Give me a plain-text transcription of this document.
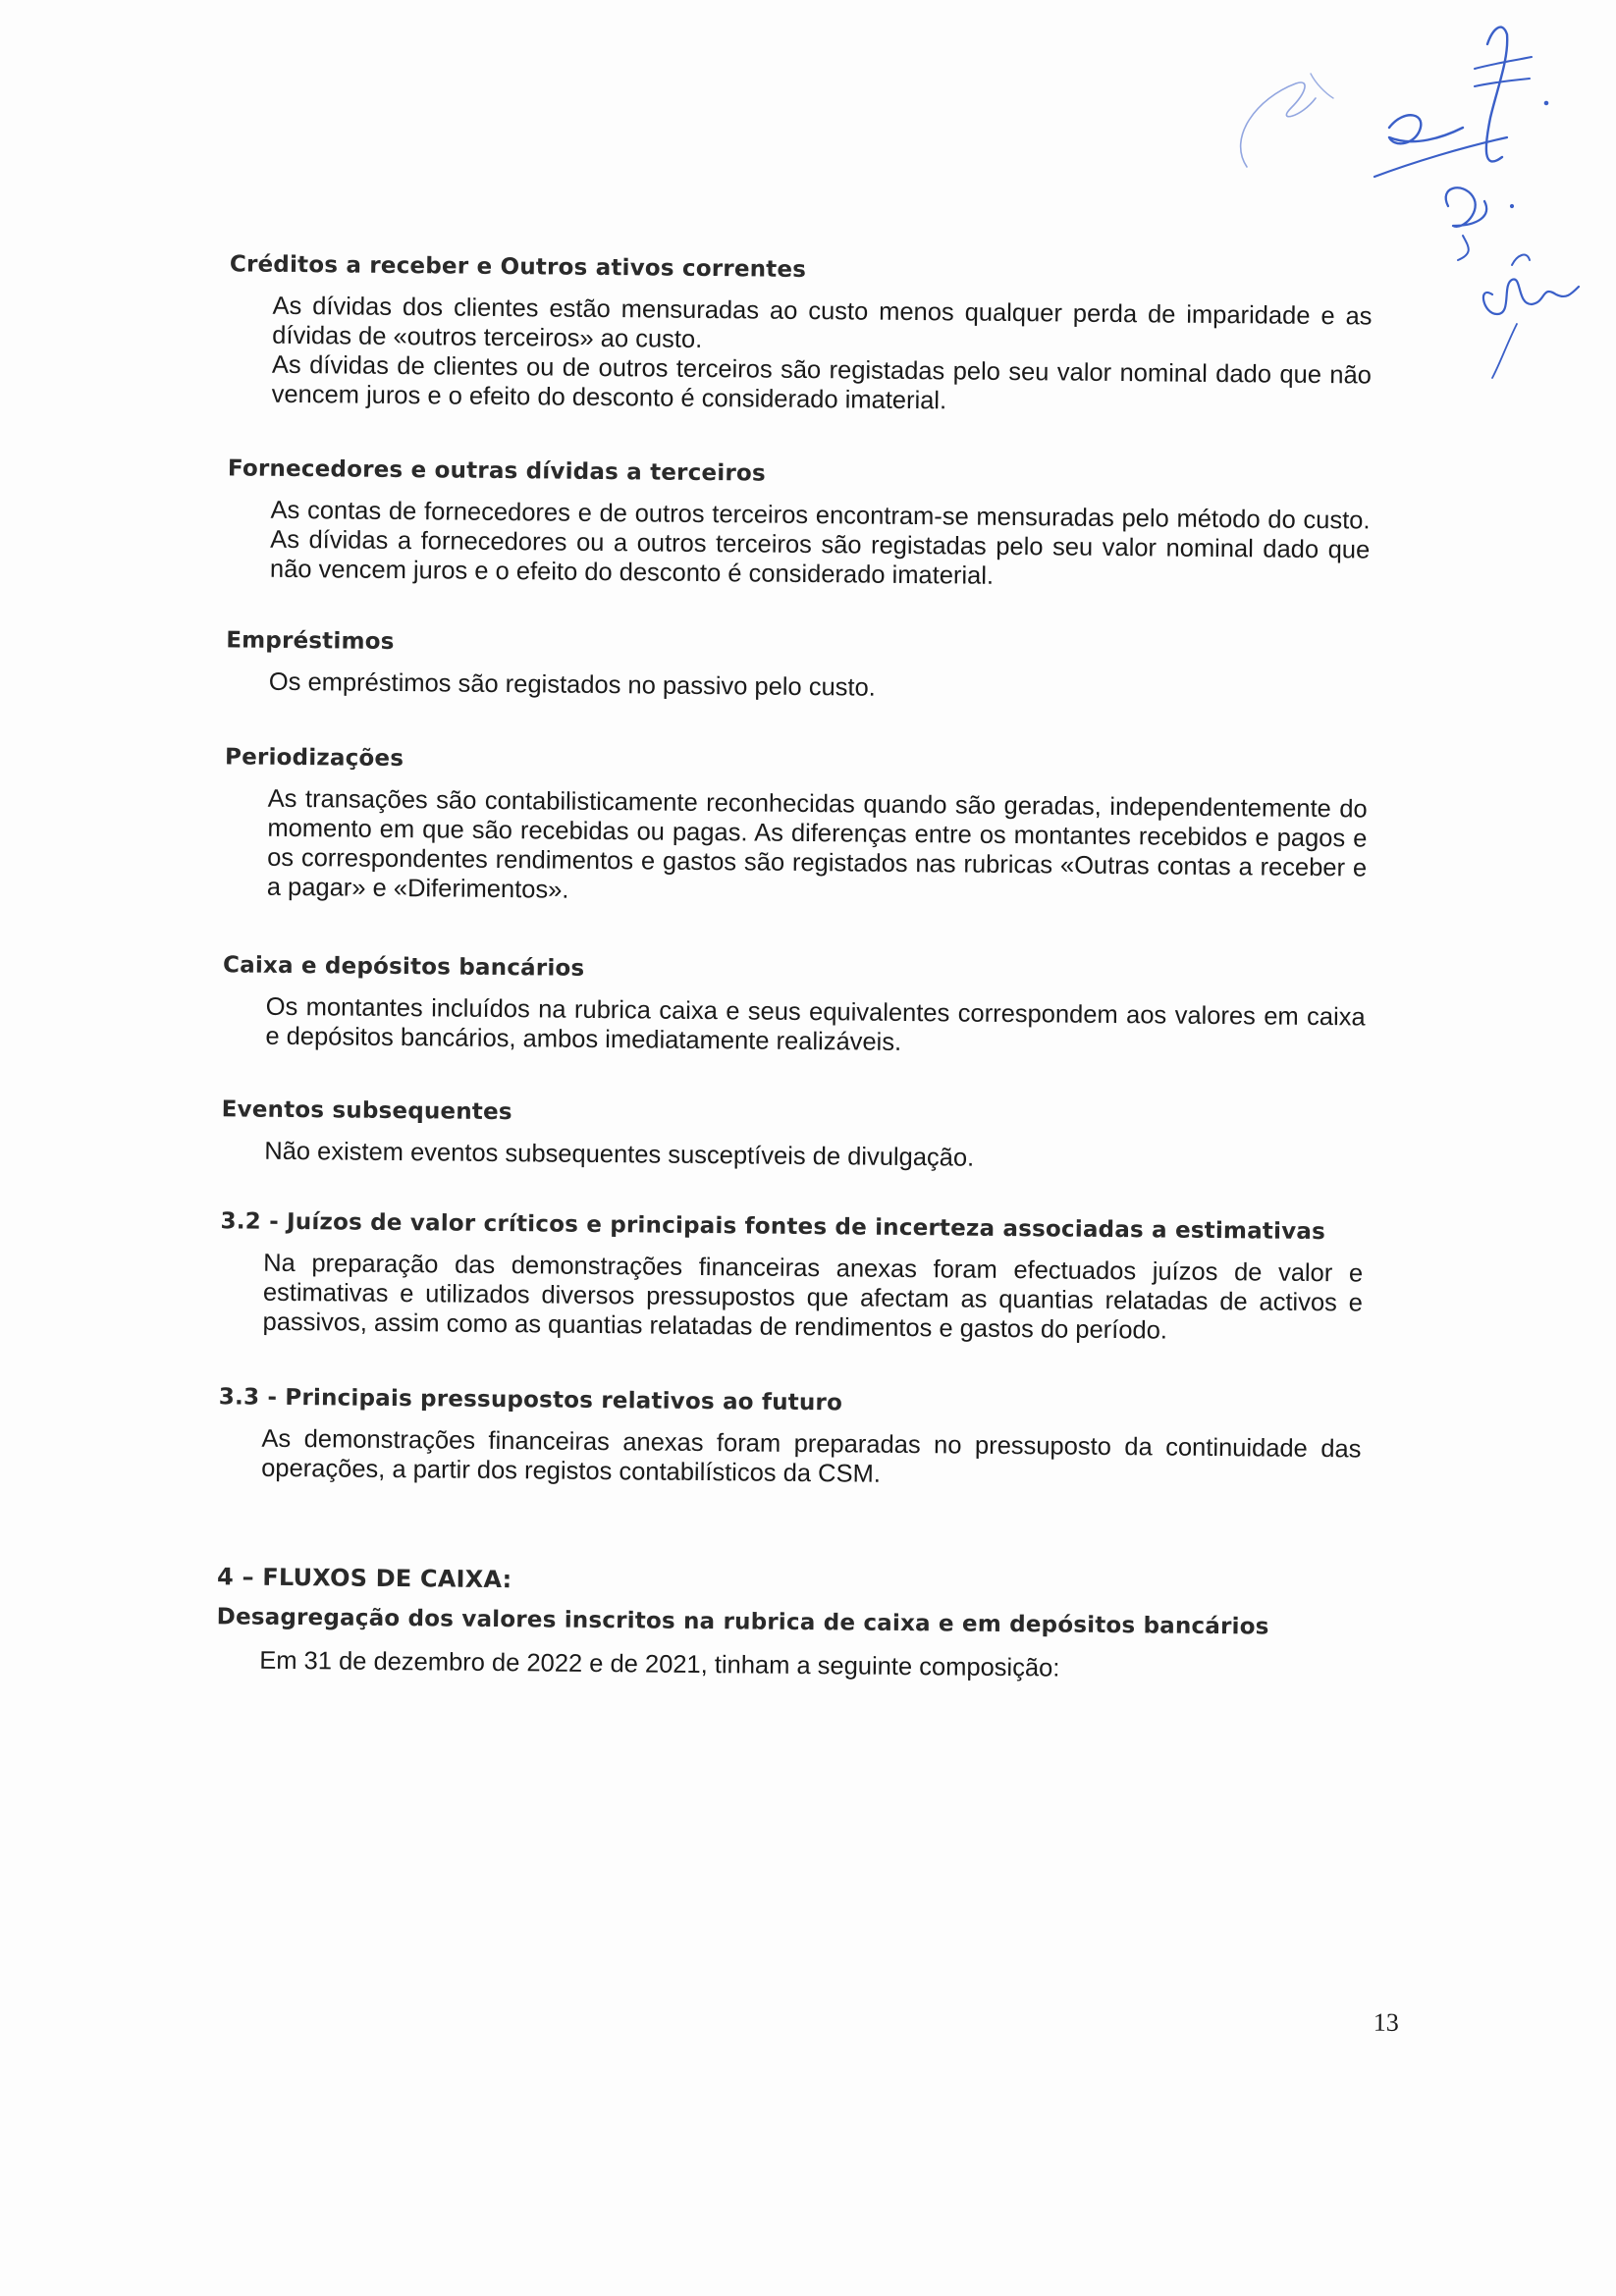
Créditos a receber e Outros ativos correntes
As dívidas dos clientes estão mensuradas ao custo menos qualquer perda de imparidade e as dívidas de «outros terceiros» ao custo.
As dívidas de clientes ou de outros terceiros são registadas pelo seu valor nominal dado que não vencem juros e o efeito do desconto é considerado imaterial.
Fornecedores e outras dívidas a terceiros
As contas de fornecedores e de outros terceiros encontram-se mensuradas pelo método do custo. As dívidas a fornecedores ou a outros terceiros são registadas pelo seu valor nominal dado que não vencem juros e o efeito do desconto é considerado imaterial.
Empréstimos
Os empréstimos são registados no passivo pelo custo.
Periodizações
As transações são contabilisticamente reconhecidas quando são geradas, independentemente do momento em que são recebidas ou pagas. As diferenças entre os montantes recebidos e pagos e os correspondentes rendimentos e gastos são registados nas rubricas «Outras contas a receber e a pagar» e «Diferimentos».
Caixa e depósitos bancários
Os montantes incluídos na rubrica caixa e seus equivalentes correspondem aos valores em caixa e depósitos bancários, ambos imediatamente realizáveis.
Eventos subsequentes
Não existem eventos subsequentes susceptíveis de divulgação.
3.2 - Juízos de valor críticos e principais fontes de incerteza associadas a estimativas
Na preparação das demonstrações financeiras anexas foram efectuados juízos de valor e estimativas e utilizados diversos pressupostos que afectam as quantias relatadas de activos e passivos, assim como as quantias relatadas de rendimentos e gastos do período.
3.3 - Principais pressupostos relativos ao futuro
As demonstrações financeiras anexas foram preparadas no pressuposto da continuidade das operações, a partir dos registos contabilísticos da CSM.
4 – FLUXOS DE CAIXA:
Desagregação dos valores inscritos na rubrica de caixa e em depósitos bancários
Em 31 de dezembro de 2022 e de 2021, tinham a seguinte composição:
13
